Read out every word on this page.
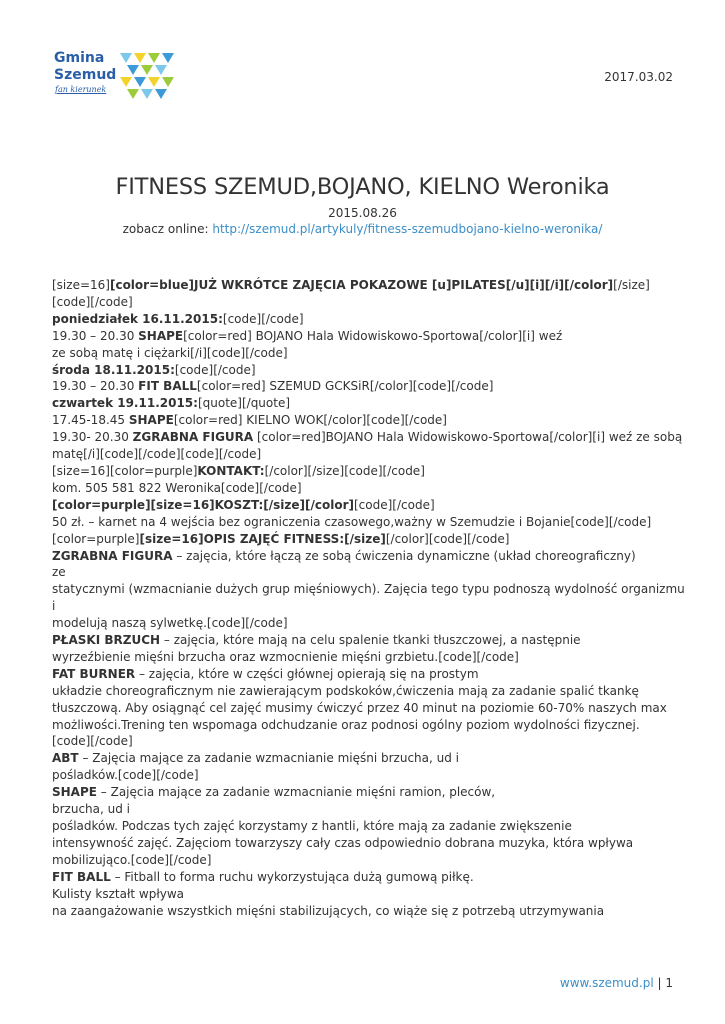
Gmina
Szemud
fan kierunek
2017.03.02
FITNESS SZEMUD,BOJANO, KIELNO Weronika
2015.08.26
zobacz online: http://szemud.pl/artykuly/fitness-szemudbojano-kielno-weronika/
[size=16][color=blue]JUŻ WKRÓTCE ZAJĘCIA POKAZOWE [u]PILATES[/u][i][/i][/color][/size]
[code][/code]
poniedziałek 16.11.2015:[code][/code]
19.30 – 20.30 SHAPE[color=red] BOJANO Hala Widowiskowo-Sportowa[/color][i] weź
ze sobą matę i ciężarki[/i][code][/code]
środa 18.11.2015:[code][/code]
19.30 – 20.30 FIT BALL[color=red] SZEMUD GCKSiR[/color][code][/code]
czwartek 19.11.2015:[quote][/quote]
17.45-18.45 SHAPE[color=red] KIELNO WOK[/color][code][/code]
19.30- 20.30 ZGRABNA FIGURA [color=red]BOJANO Hala Widowiskowo-Sportowa[/color][i] weź ze sobą
matę[/i][code][/code][code][/code]
[size=16][color=purple]KONTAKT:[/color][/size][code][/code]
kom. 505 581 822 Weronika[code][/code]
[color=purple][size=16]KOSZT:[/size][/color][code][/code]
50 zł. – karnet na 4 wejścia bez ograniczenia czasowego,ważny w Szemudzie i Bojanie[code][/code]
[color=purple][size=16]OPIS ZAJĘĆ FITNESS:[/size][/color][code][/code]
ZGRABNA FIGURA – zajęcia, które łączą ze sobą ćwiczenia dynamiczne (układ choreograficzny)
ze
statycznymi (wzmacnianie dużych grup mięśniowych). Zajęcia tego typu podnoszą wydolność organizmu
i
modelują naszą sylwetkę.[code][/code]
PŁASKI BRZUCH – zajęcia, które mają na celu spalenie tkanki tłuszczowej, a następnie
wyrzeźbienie mięśni brzucha oraz wzmocnienie mięśni grzbietu.[code][/code]
FAT BURNER – zajęcia, które w części głównej opierają się na prostym
układzie choreograficznym nie zawierającym podskoków,ćwiczenia mają za zadanie spalić tkankę
tłuszczową. Aby osiągnąć cel zajęć musimy ćwiczyć przez 40 minut na poziomie 60-70% naszych max
możliwości.Trening ten wspomaga odchudzanie oraz podnosi ogólny poziom wydolności fizycznej.
[code][/code]
ABT – Zajęcia mające za zadanie wzmacnianie mięśni brzucha, ud i
pośladków.[code][/code]
SHAPE – Zajęcia mające za zadanie wzmacnianie mięśni ramion, pleców,
brzucha, ud i
pośladków. Podczas tych zajęć korzystamy z hantli, które mają za zadanie zwiększenie
intensywność zajęć. Zajęciom towarzyszy cały czas odpowiednio dobrana muzyka, która wpływa
mobilizująco.[code][/code]
FIT BALL – Fitball to forma ruchu wykorzystująca dużą gumową piłkę.
Kulisty kształt wpływa
na zaangażowanie wszystkich mięśni stabilizujących, co wiąże się z potrzebą utrzymywania
www.szemud.pl | 1
